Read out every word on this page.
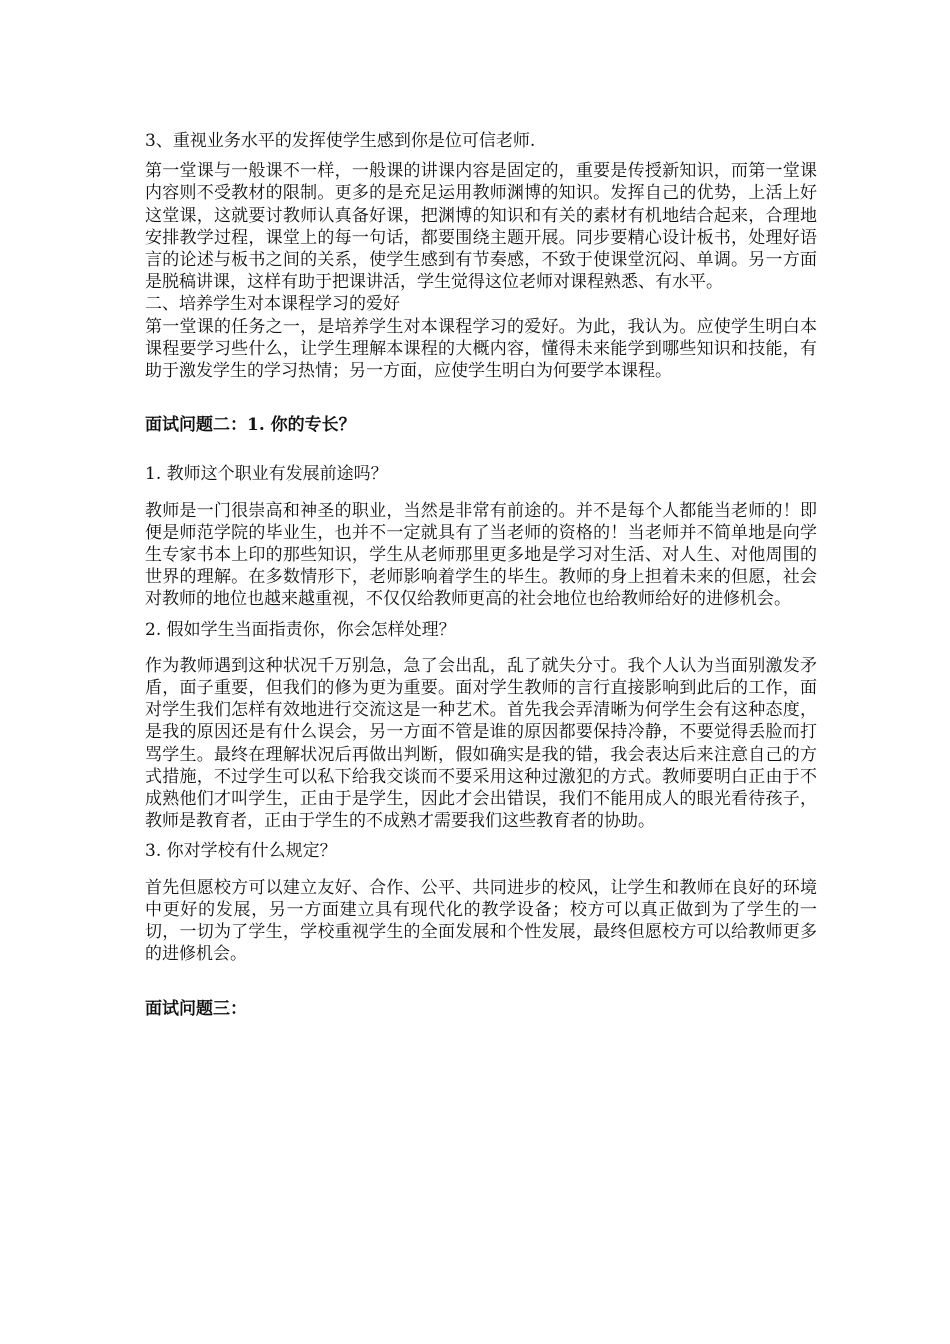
3、重视业务水平的发挥使学生感到你是位可信老师.

第一堂课与一般课不一样，一般课的讲课内容是固定的，重要是传授新知识，而第一堂课内容则不受教材的限制。更多的是充足运用教师渊博的知识。发挥自己的优势，上活上好这堂课，这就要讨教师认真备好课，把渊博的知识和有关的素材有机地结合起来，合理地安排教学过程，课堂上的每一句话，都要围绕主题开展。同步要精心设计板书，处理好语言的论述与板书之间的关系，使学生感到有节奏感，不致于使课堂沉闷、单调。另一方面是脱稿讲课，这样有助于把课讲活，学生觉得这位老师对课程熟悉、有水平。

二、培养学生对本课程学习的爱好

第一堂课的任务之一，是培养学生对本课程学习的爱好。为此，我认为。应使学生明白本课程要学习些什么，让学生理解本课程的大概内容，懂得未来能学到哪些知识和技能，有助于激发学生的学习热情；另一方面，应使学生明白为何要学本课程。

面试问题二：1. 你的专长？

1. 教师这个职业有发展前途吗？

教师是一门很崇高和神圣的职业，当然是非常有前途的。并不是每个人都能当老师的！即便是师范学院的毕业生，也并不一定就具有了当老师的资格的！当老师并不简单地是向学生专家书本上印的那些知识，学生从老师那里更多地是学习对生活、对人生、对他周围的世界的理解。在多数情形下，老师影响着学生的毕生。教师的身上担着未来的但愿，社会对教师的地位也越来越重视，不仅仅给教师更高的社会地位也给教师给好的进修机会。

2. 假如学生当面指责你，你会怎样处理？

作为教师遇到这种状况千万别急，急了会出乱，乱了就失分寸。我个人认为当面别激发矛盾，面子重要，但我们的修为更为重要。面对学生教师的言行直接影响到此后的工作，面对学生我们怎样有效地进行交流这是一种艺术。首先我会弄清晰为何学生会有这种态度，是我的原因还是有什么误会，另一方面不管是谁的原因都要保持冷静，不要觉得丢脸而打骂学生。最终在理解状况后再做出判断，假如确实是我的错，我会表达后来注意自己的方式措施，不过学生可以私下给我交谈而不要采用这种过激犯的方式。教师要明白正由于不成熟他们才叫学生，正由于是学生，因此才会出错误，我们不能用成人的眼光看待孩子，教师是教育者，正由于学生的不成熟才需要我们这些教育者的协助。

3. 你对学校有什么规定？

首先但愿校方可以建立友好、合作、公平、共同进步的校风，让学生和教师在良好的环境中更好的发展，另一方面建立具有现代化的教学设备；校方可以真正做到为了学生的一切，一切为了学生，学校重视学生的全面发展和个性发展，最终但愿校方可以给教师更多的进修机会。

面试问题三：
